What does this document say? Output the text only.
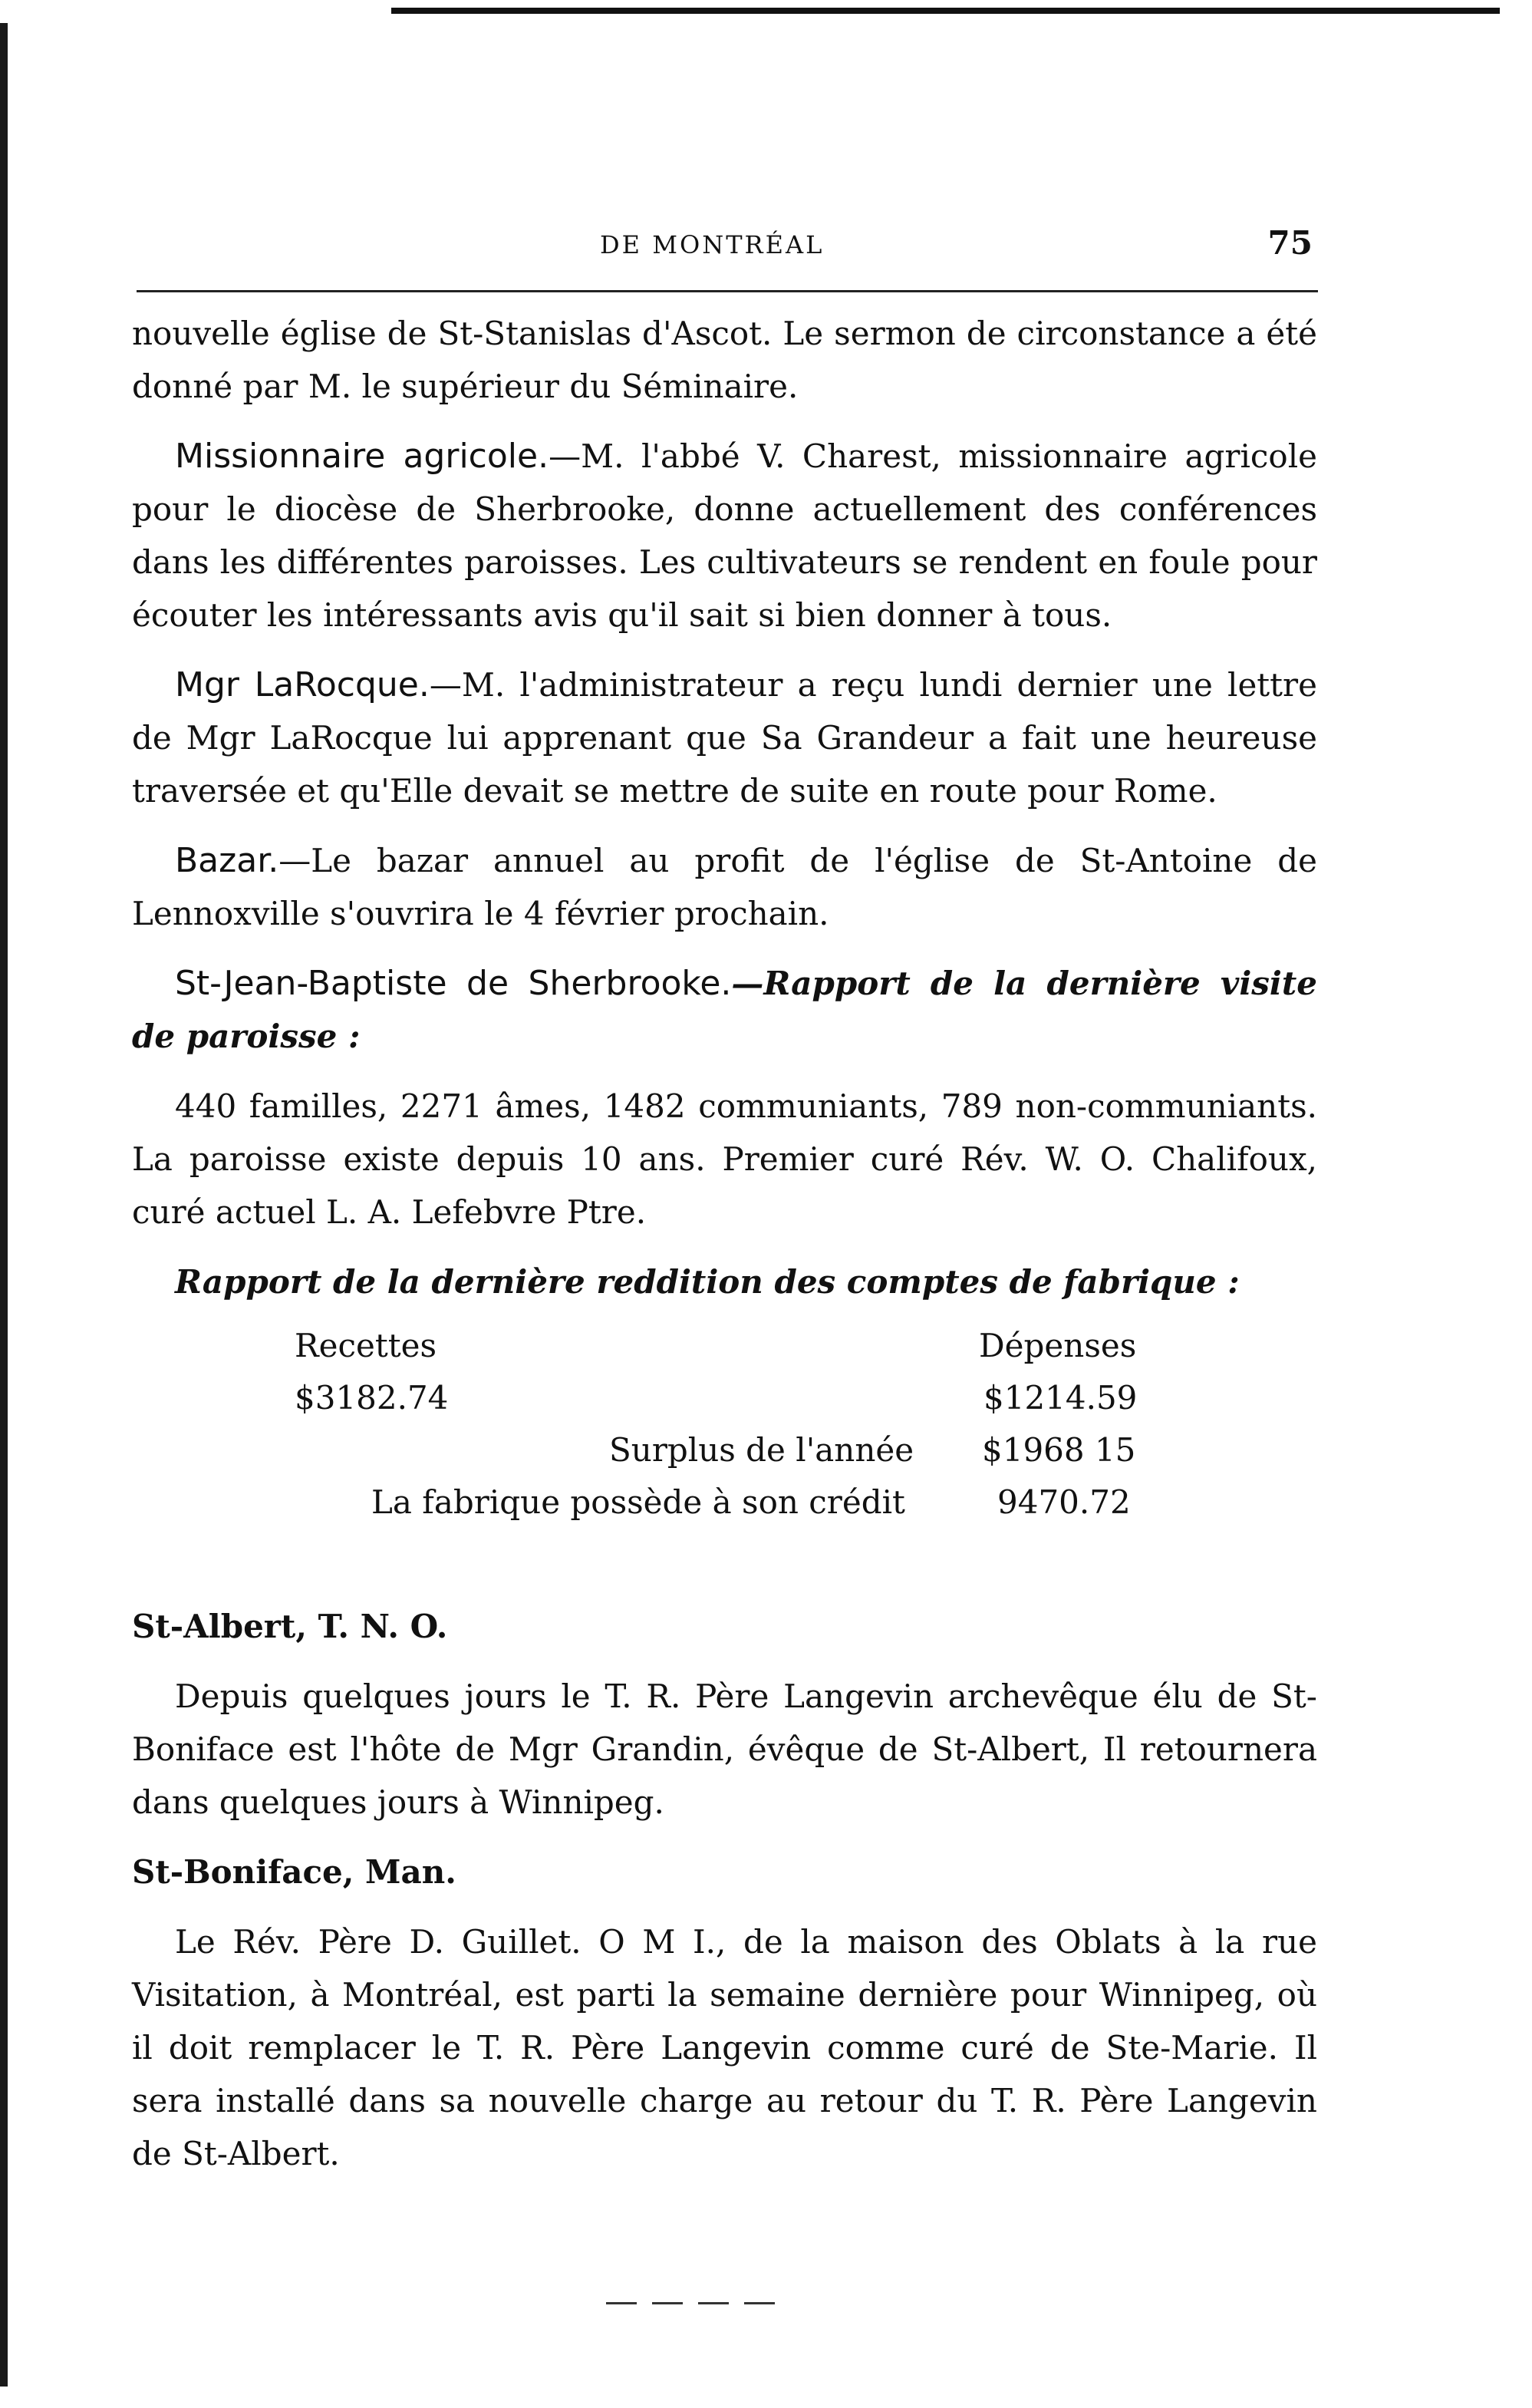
DE MONTRÉAL	75

nouvelle église de St-Stanislas d'Ascot. Le sermon de circonstance a été donné par M. le supérieur du Séminaire.

Missionnaire agricole.—M. l'abbé V. Charest, missionnaire agricole pour le diocèse de Sherbrooke, donne actuellement des conférences dans les différentes paroisses. Les cultivateurs se rendent en foule pour écouter les intéressants avis qu'il sait si bien donner à tous.

Mgr LaRocque.—M. l'administrateur a reçu lundi dernier une lettre de Mgr LaRocque lui apprenant que Sa Grandeur a fait une heureuse traversée et qu'Elle devait se mettre de suite en route pour Rome.

Bazar.—Le bazar annuel au profit de l'église de St-Antoine de Lennoxville s'ouvrira le 4 février prochain.

St-Jean-Baptiste de Sherbrooke.—Rapport de la dernière visite de paroisse :

440 familles, 2271 âmes, 1482 communiants, 789 non-communiants. La paroisse existe depuis 10 ans. Premier curé Rév. W. O. Chalifoux, curé actuel L. A. Lefebvre Ptre.

Rapport de la dernière reddition des comptes de fabrique :

Recettes	Dépenses
$3182.74	$1214.59
Surplus de l'année $1968 15
La fabrique possède à son crédit	9470.72

St-Albert, T. N. O.

Depuis quelques jours le T. R. Père Langevin archevêque élu de St-Boniface est l'hôte de Mgr Grandin, évêque de St-Albert, Il retournera dans quelques jours à Winnipeg.

St-Boniface, Man.

Le Rév. Père D. Guillet. O M I., de la maison des Oblats à la rue Visitation, à Montréal, est parti la semaine dernière pour Winnipeg, où il doit remplacer le T. R. Père Langevin comme curé de Ste-Marie. Il sera installé dans sa nouvelle charge au retour du T. R. Père Langevin de St-Albert.
